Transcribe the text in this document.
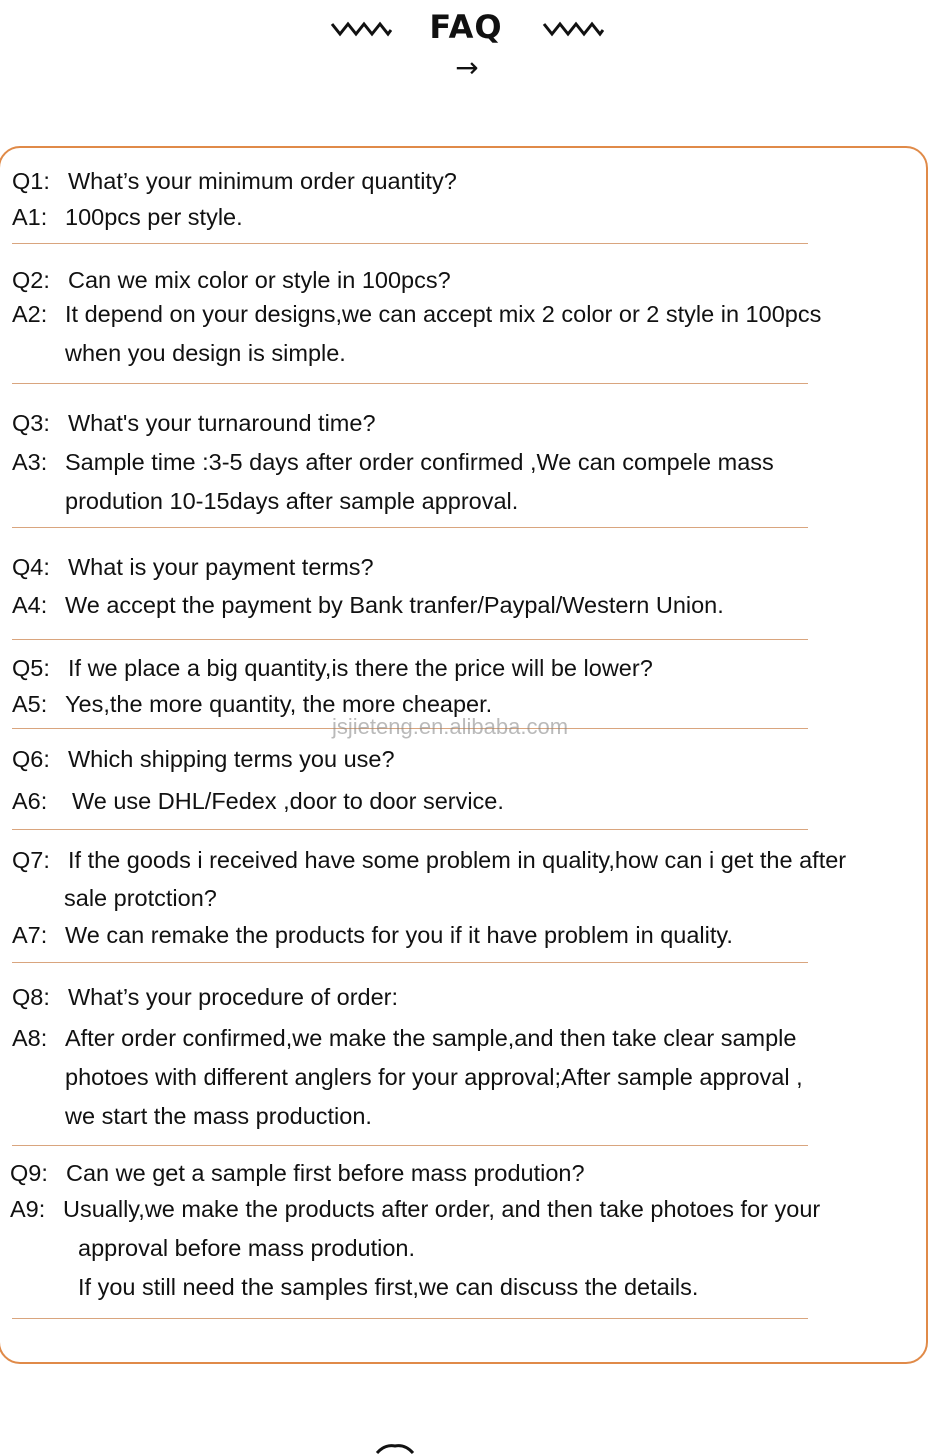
FAQ
→
Q1: What’s your minimum order quantity?
A1: 100pcs per style.
Q2: Can we mix color or style in 100pcs?
A2: It depend on your designs,we can accept mix 2 color or 2 style in 100pcs
when you design is simple.
Q3: What's your turnaround time?
A3: Sample time :3-5 days after order confirmed ,We can compele mass
prodution 10-15days after sample approval.
Q4: What is your payment terms?
A4: We accept the payment by Bank tranfer/Paypal/Western Union.
Q5: If we place a big quantity,is there the price will be lower?
A5: Yes,the more quantity, the more cheaper.
Q6: Which shipping terms you use?
A6: We use DHL/Fedex ,door to door service.
Q7: If the goods i received have some problem in quality,how can i get the after
sale protction?
A7: We can remake the products for you if it have problem in quality.
Q8: What’s your procedure of order:
A8: After order confirmed,we make the sample,and then take clear sample
photoes with different anglers for your approval;After sample approval ,
we start the mass production.
Q9: Can we get a sample first before mass prodution?
A9: Usually,we make the products after order, and then take photoes for your
approval before mass prodution.
If you still need the samples first,we can discuss the details.
jsjieteng.en.alibaba.com
